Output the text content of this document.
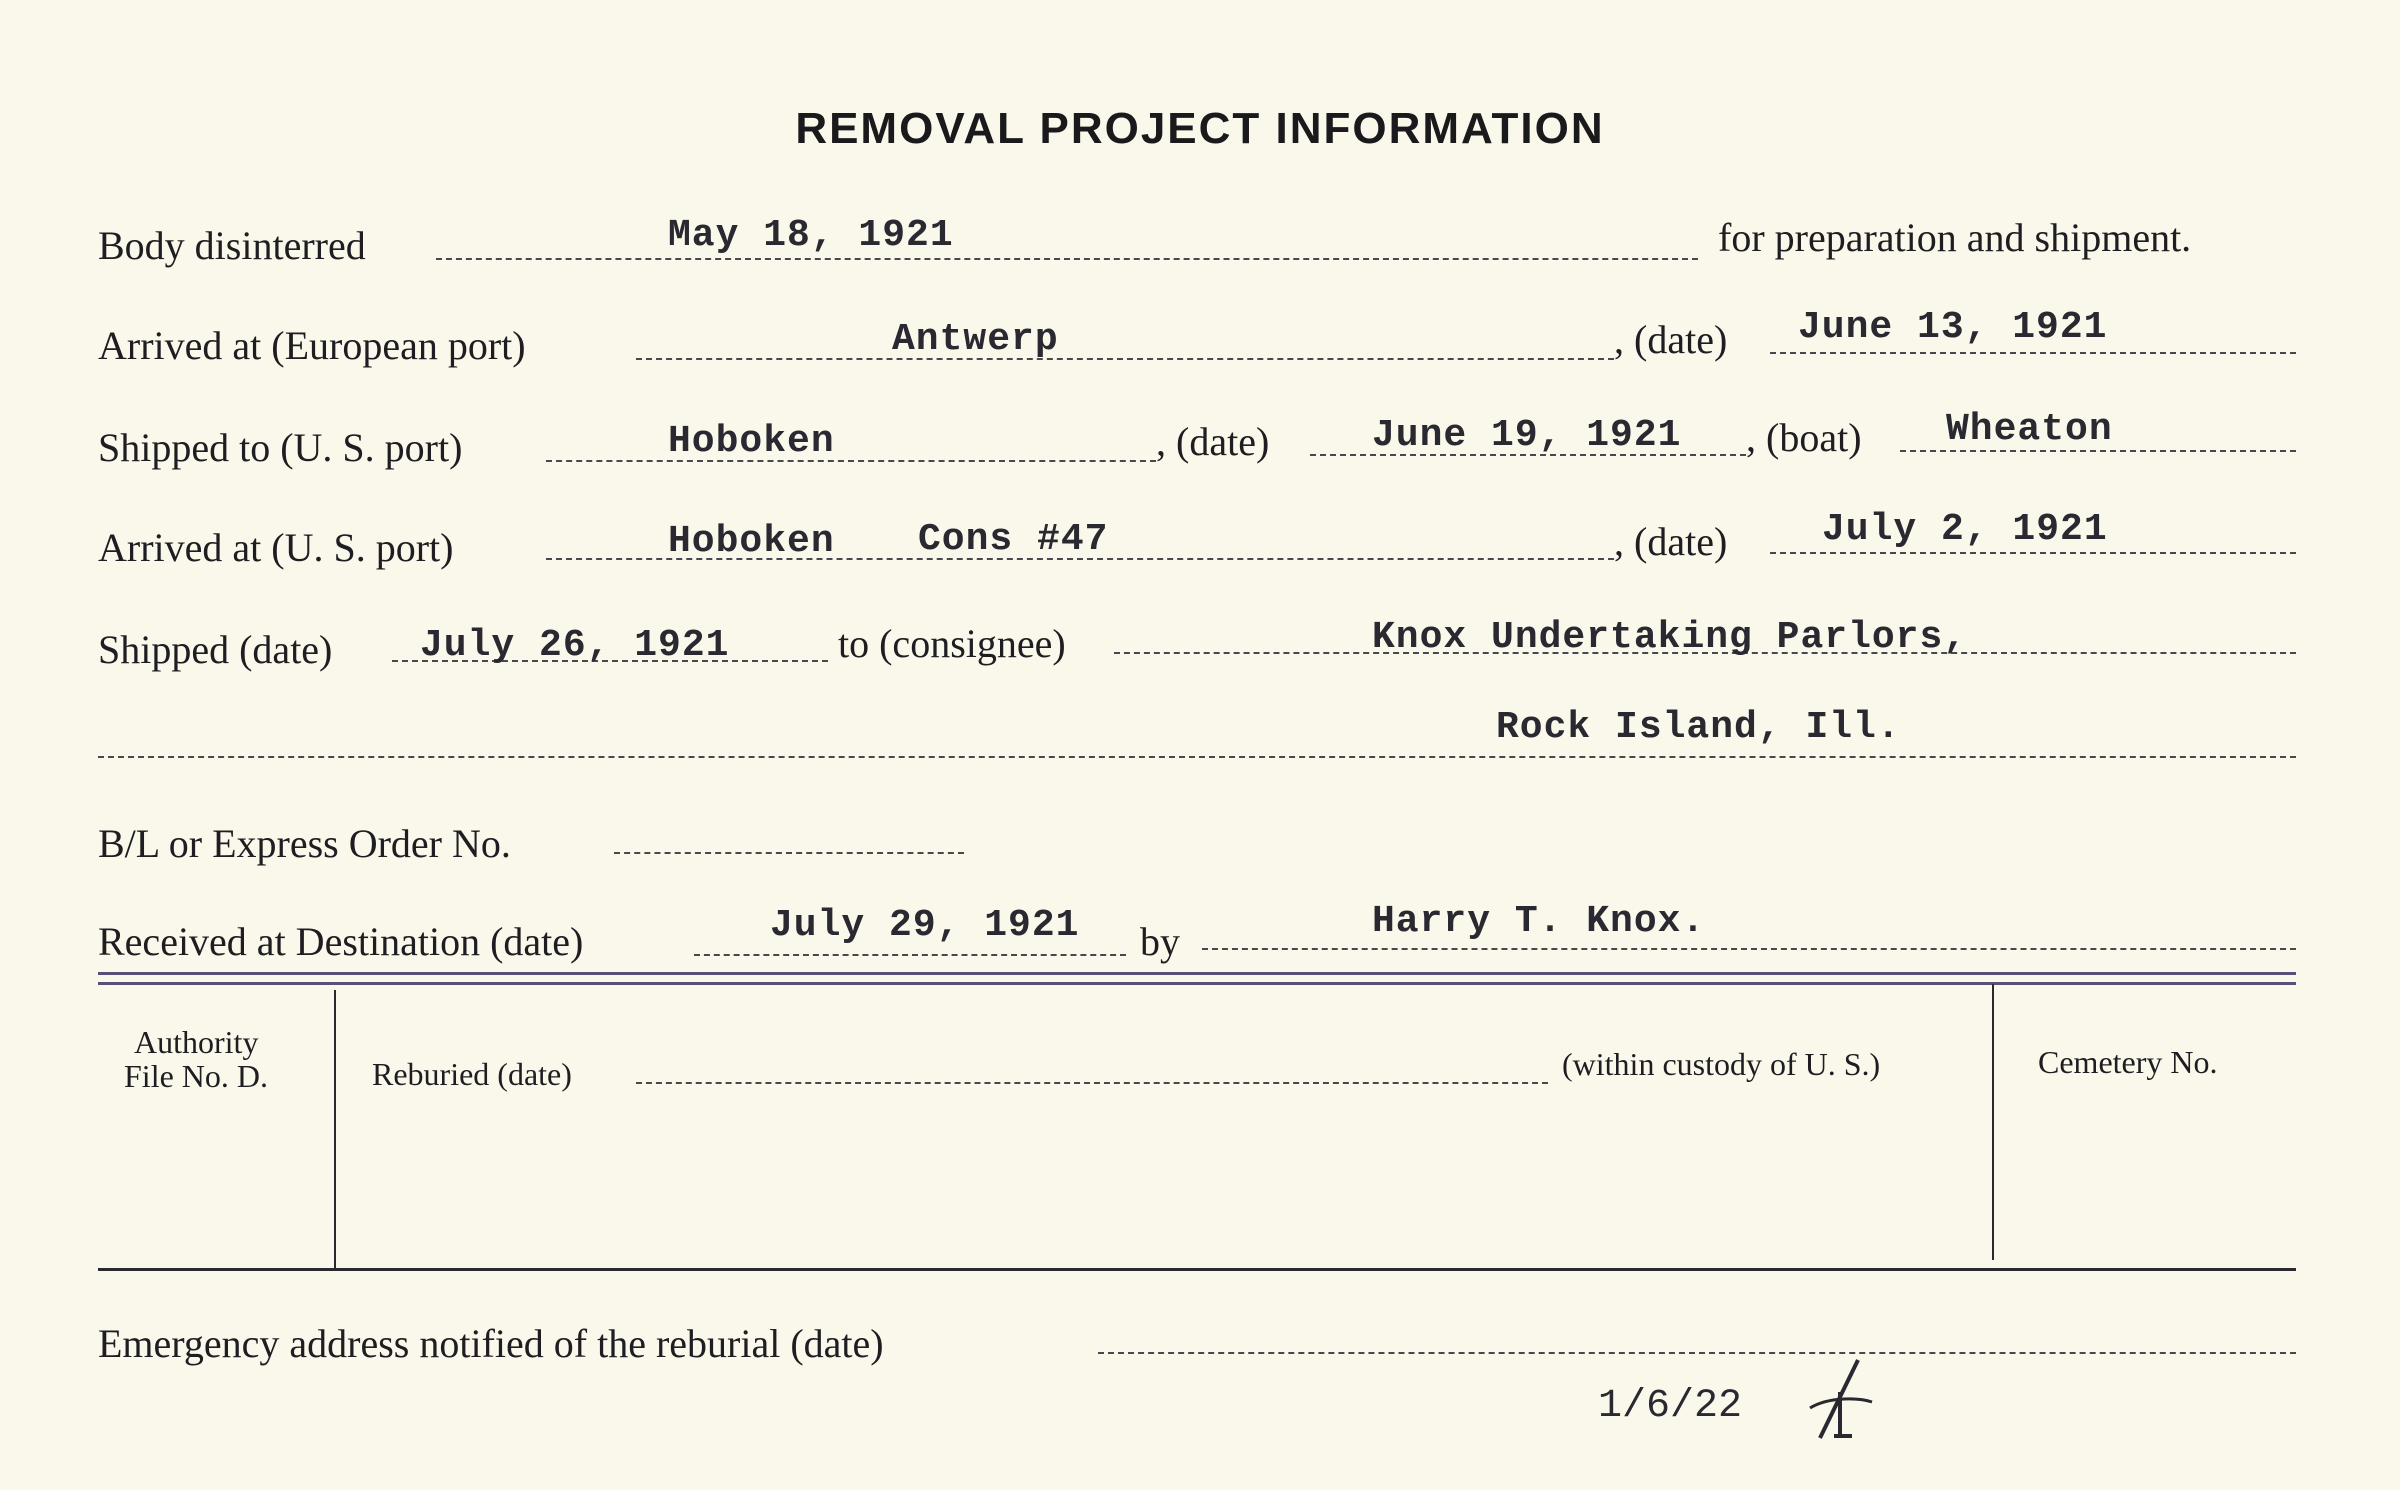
REMOVAL PROJECT INFORMATION
Body disinterred	May 18, 1921	for preparation and shipment.
Arrived at (European port)	Antwerp	, (date) June 13, 1921
Shipped to (U. S. port)	Hoboken	, (date)	June 19, 1921 , (boat) Wheaton
Arrived at (U. S. port)	Hoboken Cons #47	, (date) July 2, 1921
Shipped (date) July 26, 1921	to (consignee)	Knox Undertaking Parlors,
Rock Island, Ill.
B/L or Express Order No.
Received at Destination (date)	July 29, 1921 by	Harry T. Knox.
Authority
File No. D.	Reburied (date)	(within custody of U. S.)	Cemetery No.
Emergency address notified of the reburial (date)
1/6/22
